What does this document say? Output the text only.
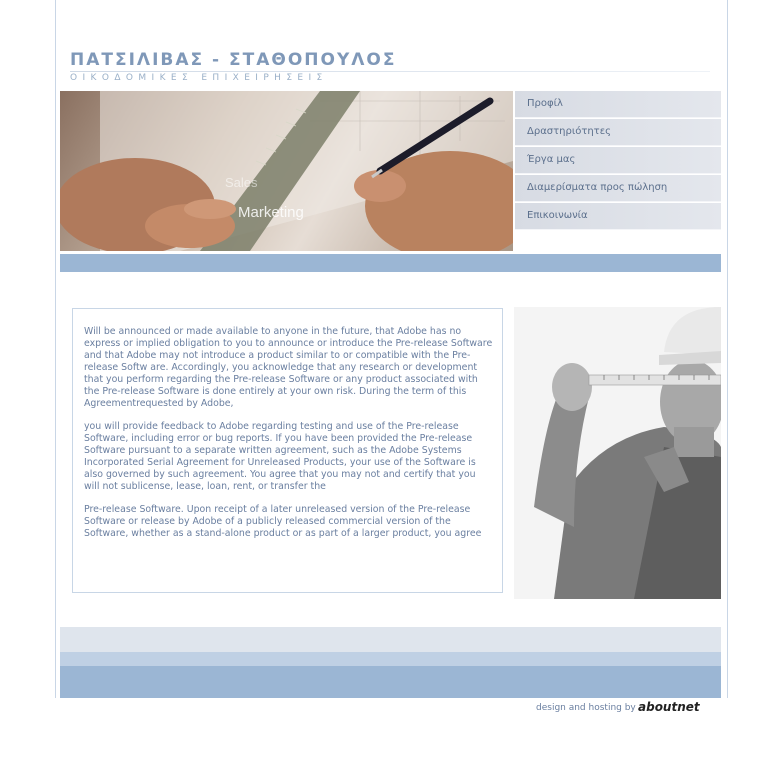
ΠΑΤΣΙΛΙΒΑΣ - ΣΤΑΘΟΠΟΥΛΟΣ
ΟΙΚΟΔΟΜΙΚΕΣ ΕΠΙΧΕΙΡΗΣΕΙΣ
Sales
Marketing
Προφίλ
Δραστηριότητες
Έργα μας
Διαμερίσματα προς πώληση
Επικοινωνία

Will be announced or made available to anyone in the future, that Adobe has no express or implied obligation to you to announce or introduce the Pre-release Software and that Adobe may not introduce a product similar to or compatible with the Pre-release Softw are. Accordingly, you acknowledge that any research or development that you perform regarding the Pre-release Software or any product associated with the Pre-release Software is done entirely at your own risk. During the term of this Agreementrequested by Adobe,

you will provide feedback to Adobe regarding testing and use of the Pre-release Software, including error or bug reports. If you have been provided the Pre-release Software pursuant to a separate written agreement, such as the Adobe Systems Incorporated Serial Agreement for Unreleased Products, your use of the Software is also governed by such agreement. You agree that you may not and certify that you will not sublicense, lease, loan, rent, or transfer the

Pre-release Software. Upon receipt of a later unreleased version of the Pre-release Software or release by Adobe of a publicly released commercial version of the Software, whether as a stand-alone product or as part of a larger product, you agree

design and hosting by aboutnet
